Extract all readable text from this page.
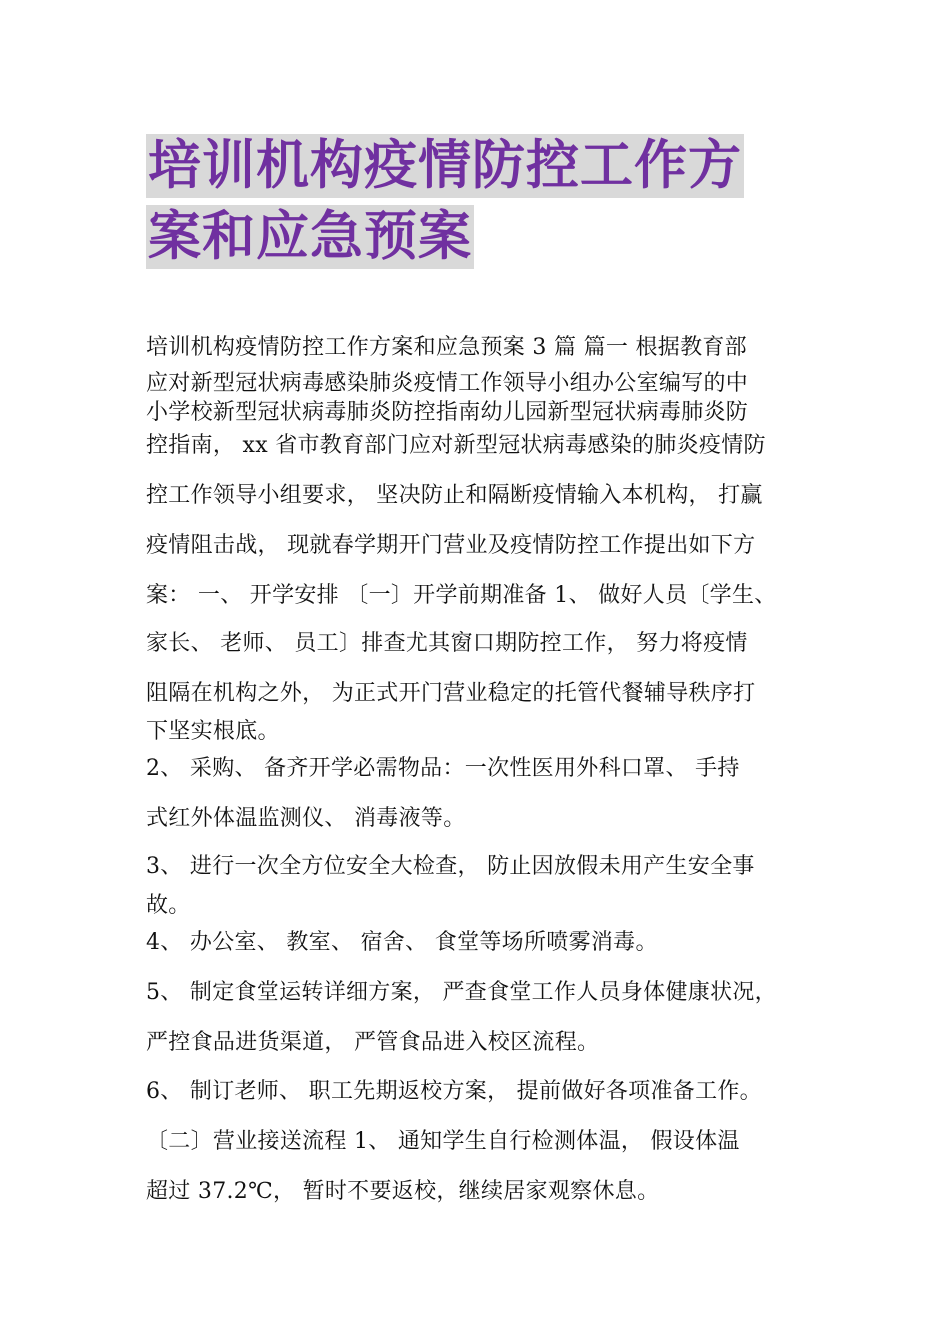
培训机构疫情防控工作方
案和应急预案
培训机构疫情防控工作方案和应急预案 3 篇 篇一 根据教育部
应对新型冠状病毒感染肺炎疫情工作领导小组办公室编写的中
小学校新型冠状病毒肺炎防控指南幼儿园新型冠状病毒肺炎防
控指南， xx 省市教育部门应对新型冠状病毒感染的肺炎疫情防
控工作领导小组要求， 坚决防止和隔断疫情输入本机构， 打赢
疫情阻击战， 现就春学期开门营业及疫情防控工作提出如下方
案： 一、 开学安排 〔一〕开学前期准备 1、 做好人员〔学生、
家长、 老师、 员工〕排查尤其窗口期防控工作， 努力将疫情
阻隔在机构之外， 为正式开门营业稳定的托管代餐辅导秩序打
下坚实根底。
2、 采购、 备齐开学必需物品：一次性医用外科口罩、 手持
式红外体温监测仪、 消毒液等。
3、 进行一次全方位安全大检查， 防止因放假未用产生安全事
故。
4、 办公室、 教室、 宿舍、 食堂等场所喷雾消毒。
5、 制定食堂运转详细方案， 严查食堂工作人员身体健康状况，
严控食品进货渠道， 严管食品进入校区流程。
6、 制订老师、 职工先期返校方案， 提前做好各项准备工作。
〔二〕营业接送流程 1、 通知学生自行检测体温， 假设体温
超过 37.2℃， 暂时不要返校，继续居家观察休息。
